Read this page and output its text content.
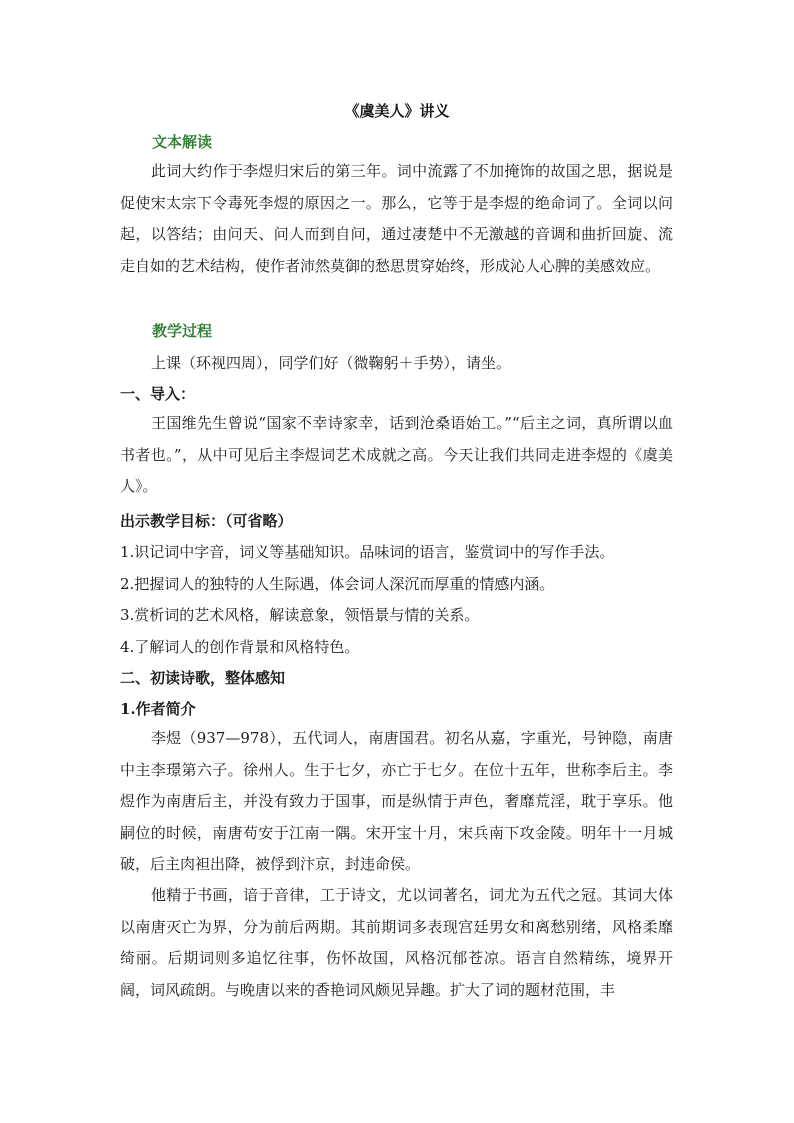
《虞美人》讲义
文本解读

此词大约作于李煜归宋后的第三年。词中流露了不加掩饰的故国之思，据说是促使宋太宗下令毒死李煜的原因之一。那么，它等于是李煜的绝命词了。全词以问起，以答结；由问天、问人而到自问，通过凄楚中不无激越的音调和曲折回旋、流走自如的艺术结构，使作者沛然莫御的愁思贯穿始终，形成沁人心脾的美感效应。

教学过程
上课（环视四周），同学们好（微鞠躬＋手势），请坐。
一、导入：

王国维先生曾说“国家不幸诗家幸，话到沧桑语始工。”“后主之词，真所谓以血书者也。”，从中可见后主李煜词艺术成就之高。今天让我们共同走进李煜的《虞美人》。

出示教学目标：（可省略）
1.识记词中字音，词义等基础知识。品味词的语言，鉴赏词中的写作手法。
2.把握词人的独特的人生际遇，体会词人深沉而厚重的情感内涵。
3.赏析词的艺术风格，解读意象，领悟景与情的关系。
4.了解词人的创作背景和风格特色。
二、初读诗歌，整体感知
1.作者简介

李煜（937—978），五代词人，南唐国君。初名从嘉，字重光，号钟隐，南唐中主李璟第六子。徐州人。生于七夕，亦亡于七夕。在位十五年，世称李后主。李煜作为南唐后主，并没有致力于国事，而是纵情于声色，奢靡荒淫，耽于享乐。他嗣位的时候，南唐苟安于江南一隅。宋开宝十月，宋兵南下攻金陵。明年十一月城破，后主肉袒出降，被俘到汴京，封违命侯。

他精于书画，谙于音律，工于诗文，尤以词著名，词尤为五代之冠。其词大体以南唐灭亡为界，分为前后两期。其前期词多表现宫廷男女和离愁别绪，风格柔靡绮丽。后期词则多追忆往事，伤怀故国，风格沉郁苍凉。语言自然精练，境界开阔，词风疏朗。与晚唐以来的香艳词风颇见异趣。扩大了词的题材范围，丰
